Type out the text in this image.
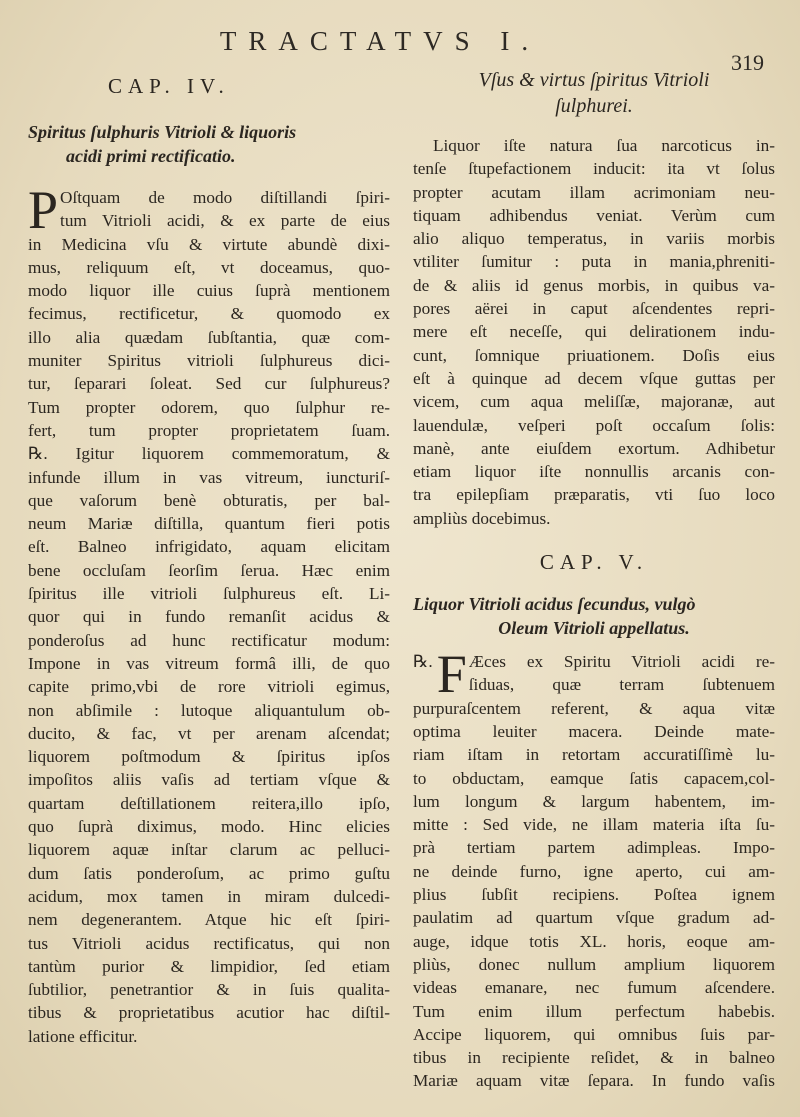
TRACTATVS I.
319
CAP. IV.
Spiritus ſulphuris Vitrioli & liquoris
acidi primi rectificatio.
P Oſtquam de modo diſtillandi ſpiri-
tum Vitrioli acidi, & ex parte de eius
in Medicina vſu & virtute abundè dixi-
mus, reliquum eſt, vt doceamus, quo-
modo liquor ille cuius ſuprà mentionem
fecimus, rectificetur, & quomodo ex
illo alia quædam ſubſtantia, quæ com-
muniter Spiritus vitrioli ſulphureus dici-
tur, ſeparari ſoleat. Sed cur ſulphureus?
Tum propter odorem, quo ſulphur re-
fert, tum propter proprietatem ſuam.
℞. Igitur liquorem commemoratum, &
infunde illum in vas vitreum, iuncturiſ-
que vaſorum benè obturatis, per bal-
neum Mariæ diſtilla, quantum fieri potis
eſt. Balneo infrigidato, aquam elicitam
bene occluſam ſeorſim ſerua. Hæc enim
ſpiritus ille vitrioli ſulphureus eſt. Li-
quor qui in fundo remanſit acidus &
ponderoſus ad hunc rectificatur modum:
Impone in vas vitreum formâ illi, de quo
capite primo,vbi de rore vitrioli egimus,
non abſimile : lutoque aliquantulum ob-
ducito, & fac, vt per arenam aſcendat;
liquorem poſtmodum & ſpiritus ipſos
impoſitos aliis vaſis ad tertiam vſque &
quartam deſtillationem reitera,illo ipſo,
quo ſuprà diximus, modo. Hinc elicies
liquorem aquæ inſtar clarum ac pelluci-
dum ſatis ponderoſum, ac primo guſtu
acidum, mox tamen in miram dulcedi-
nem degenerantem. Atque hic eſt ſpiri-
tus Vitrioli acidus rectificatus, qui non
tantùm purior & limpidior, ſed etiam
ſubtilior, penetrantior & in ſuis qualita-
tibus & proprietatibus acutior hac diſtil-
latione efficitur.
Vſus & virtus ſpiritus Vitrioli
ſulphurei.
Liquor iſte natura ſua narcoticus in-
tenſe ſtupefactionem inducit: ita vt ſolus
propter acutam illam acrimoniam neu-
tiquam adhibendus veniat. Verùm cum
alio aliquo temperatus, in variis morbis
vtiliter ſumitur : puta in mania,phreniti-
de & aliis id genus morbis, in quibus va-
pores aërei in caput aſcendentes repri-
mere eſt neceſſe, qui delirationem indu-
cunt, ſomnique priuationem. Doſis eius
eſt à quinque ad decem vſque guttas per
vicem, cum aqua meliſſæ, majoranæ, aut
lauendulæ, veſperi poſt occaſum ſolis:
manè, ante eiuſdem exortum. Adhibetur
etiam liquor iſte nonnullis arcanis con-
tra epilepſiam præparatis, vti ſuo loco
ampliùs docebimus.
CAP. V.
Liquor Vitrioli acidus ſecundus, vulgò
Oleum Vitrioli appellatus.
℞. F Æces ex Spiritu Vitrioli acidi re-
ſiduas, quæ terram ſubtenuem
purpuraſcentem referent, & aqua vitæ
optima leuiter macera. Deinde mate-
riam iſtam in retortam accuratiſſimè lu-
to obductam, eamque ſatis capacem,col-
lum longum & largum habentem, im-
mitte : Sed vide, ne illam materia iſta ſu-
prà tertiam partem adimpleas. Impo-
ne deinde furno, igne aperto, cui am-
plius ſubſit recipiens. Poſtea ignem
paulatim ad quartum vſque gradum ad-
auge, idque totis XL. horis, eoque am-
pliùs, donec nullum amplium liquorem
videas emanare, nec fumum aſcendere.
Tum enim illum perfectum habebis.
Accipe liquorem, qui omnibus ſuis par-
tibus in recipiente reſidet, & in balneo
Mariæ aquam vitæ ſepara. In fundo vaſis
